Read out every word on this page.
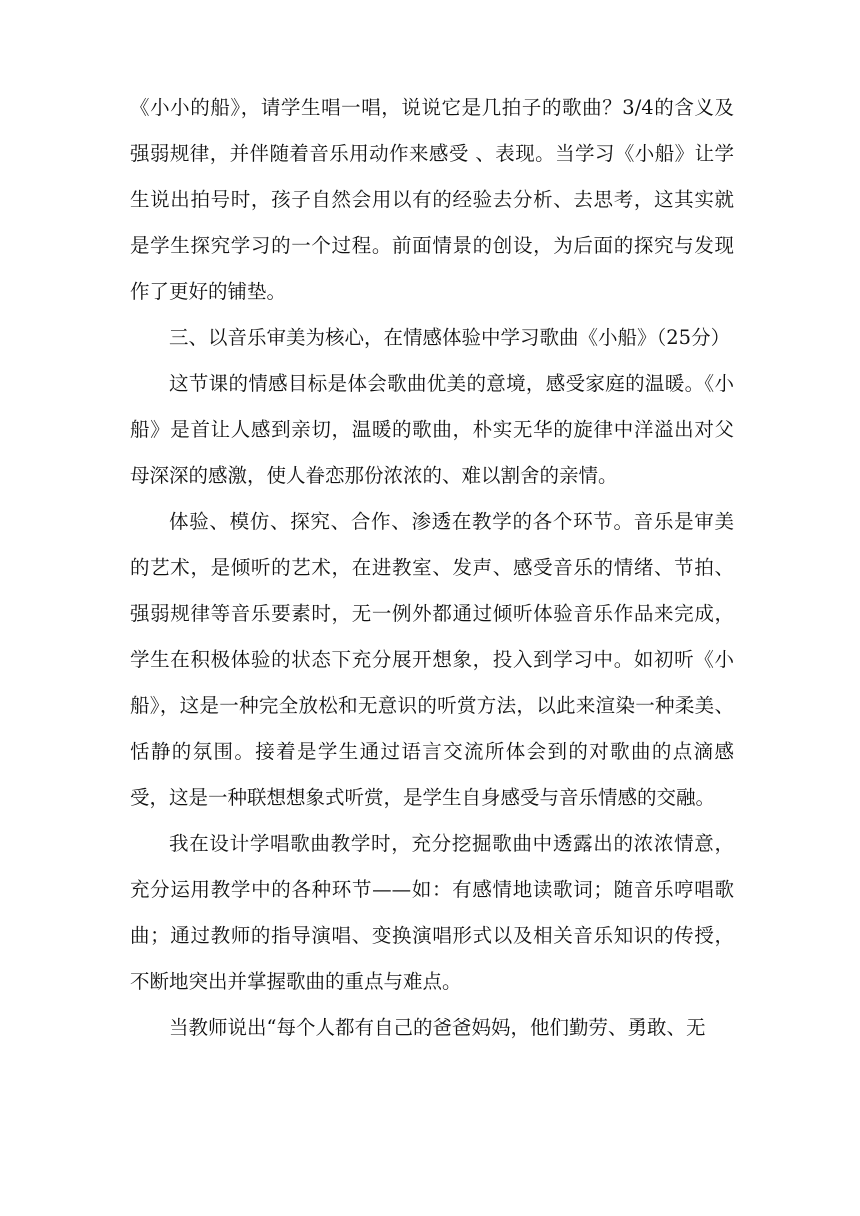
《小小的船》，请学生唱一唱，说说它是几拍子的歌曲？3/4的含义及强弱规律，并伴随着音乐用动作来感受 、表现。当学习《小船》让学生说出拍号时，孩子自然会用以有的经验去分析、去思考，这其实就是学生探究学习的一个过程。前面情景的创设，为后面的探究与发现作了更好的铺垫。

三、以音乐审美为核心，在情感体验中学习歌曲《小船》（25分）

这节课的情感目标是体会歌曲优美的意境，感受家庭的温暖。《小船》是首让人感到亲切，温暖的歌曲，朴实无华的旋律中洋溢出对父母深深的感激，使人眷恋那份浓浓的、难以割舍的亲情。

体验、模仿、探究、合作、渗透在教学的各个环节。音乐是审美的艺术，是倾听的艺术，在进教室、发声、感受音乐的情绪、节拍、强弱规律等音乐要素时，无一例外都通过倾听体验音乐作品来完成，学生在积极体验的状态下充分展开想象，投入到学习中。如初听《小船》，这是一种完全放松和无意识的听赏方法，以此来渲染一种柔美、恬静的氛围。接着是学生通过语言交流所体会到的对歌曲的点滴感受，这是一种联想想象式听赏，是学生自身感受与音乐情感的交融。

我在设计学唱歌曲教学时，充分挖掘歌曲中透露出的浓浓情意，充分运用教学中的各种环节——如：有感情地读歌词；随音乐哼唱歌曲；通过教师的指导演唱、变换演唱形式以及相关音乐知识的传授，不断地突出并掌握歌曲的重点与难点。

当教师说出“每个人都有自己的爸爸妈妈，他们勤劳、勇敢、无
